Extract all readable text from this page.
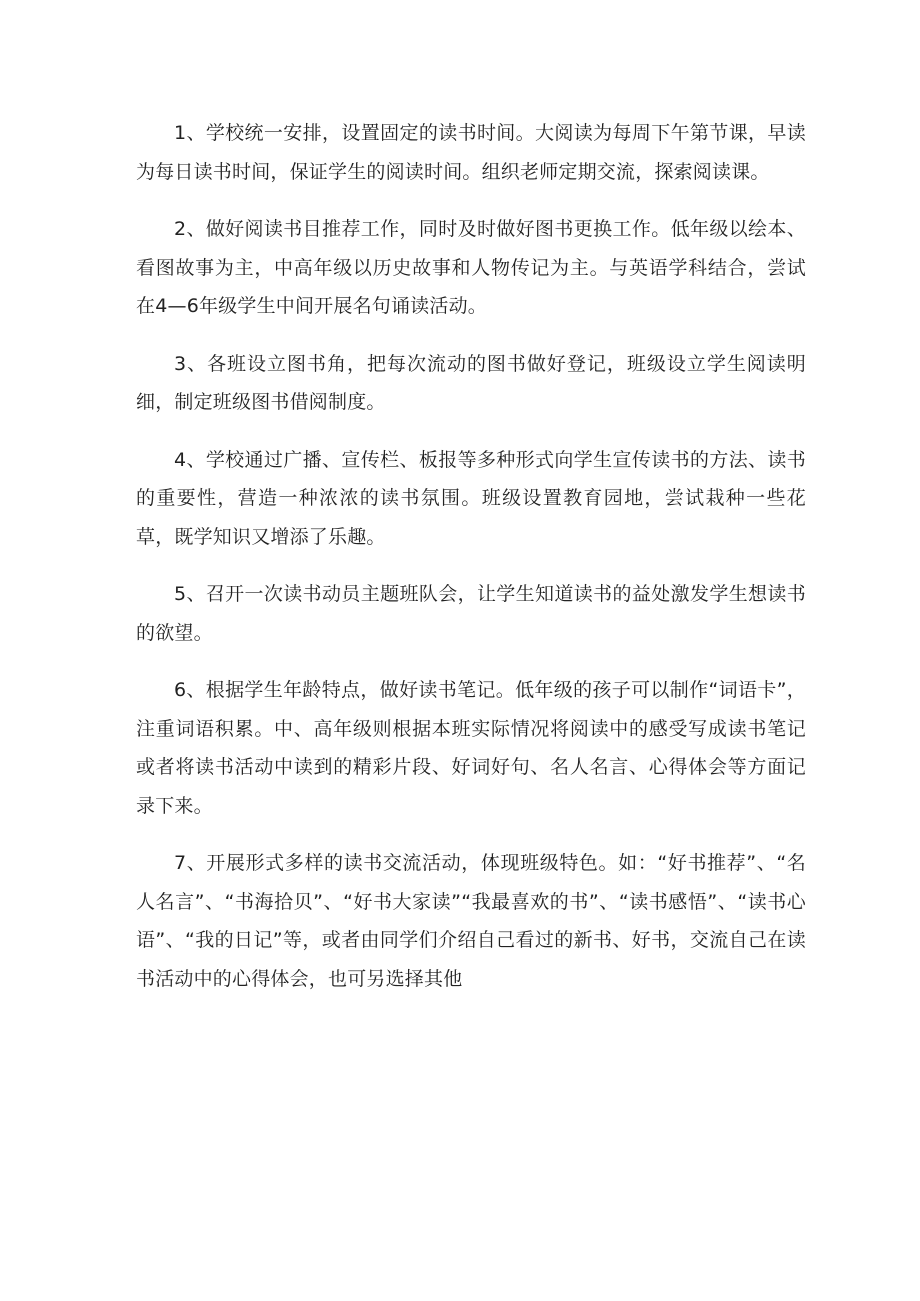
1、学校统一安排，设置固定的读书时间。大阅读为每周下午第节课，早读为每日读书时间，保证学生的阅读时间。组织老师定期交流，探索阅读课。

2、做好阅读书目推荐工作，同时及时做好图书更换工作。低年级以绘本、看图故事为主，中高年级以历史故事和人物传记为主。与英语学科结合，尝试在4—6年级学生中间开展名句诵读活动。

3、各班设立图书角，把每次流动的图书做好登记，班级设立学生阅读明细，制定班级图书借阅制度。

4、学校通过广播、宣传栏、板报等多种形式向学生宣传读书的方法、读书的重要性，营造一种浓浓的读书氛围。班级设置教育园地，尝试栽种一些花草，既学知识又增添了乐趣。

5、召开一次读书动员主题班队会，让学生知道读书的益处激发学生想读书的欲望。

6、根据学生年龄特点，做好读书笔记。低年级的孩子可以制作“词语卡”，注重词语积累。中、高年级则根据本班实际情况将阅读中的感受写成读书笔记或者将读书活动中读到的精彩片段、好词好句、名人名言、心得体会等方面记录下来。

7、开展形式多样的读书交流活动，体现班级特色。如：“好书推荐”、“名人名言”、“书海拾贝”、“好书大家读”“我最喜欢的书”、“读书感悟”、“读书心语”、“我的日记”等，或者由同学们介绍自己看过的新书、好书，交流自己在读书活动中的心得体会，也可另选择其他
